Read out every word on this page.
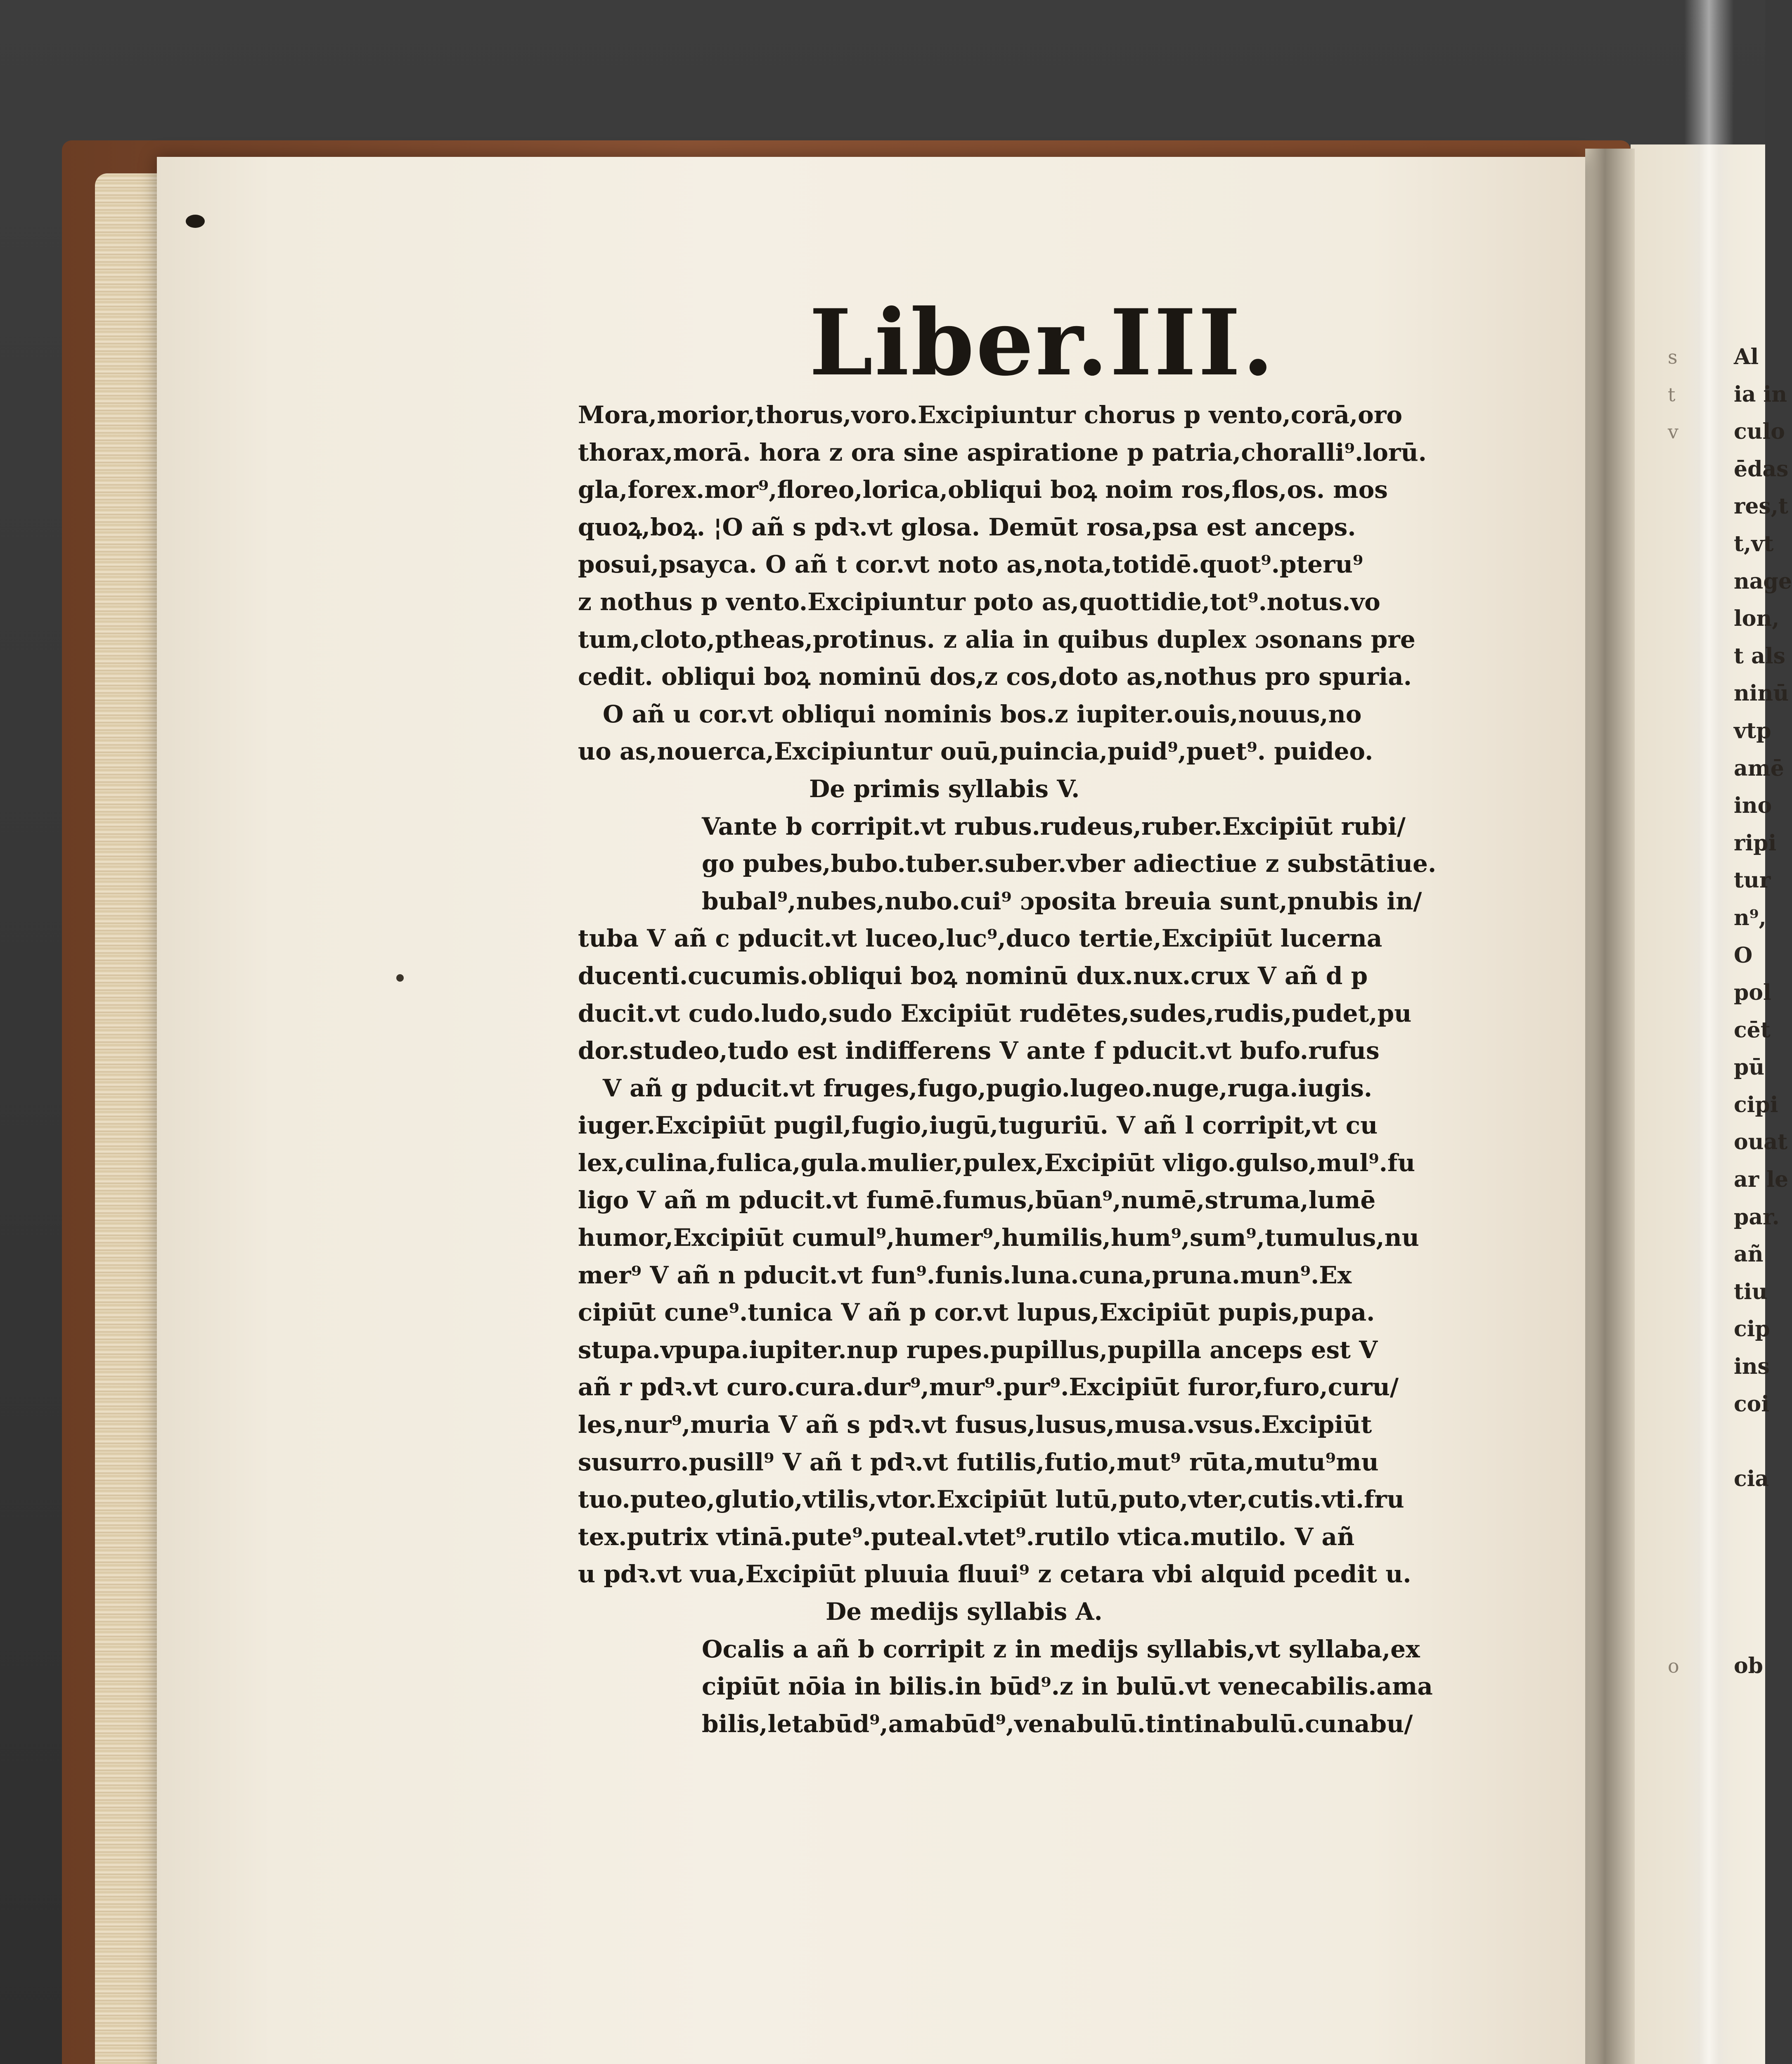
Liber.III.
Mora,morior,thorus,voro.Excipiuntur chorus p vento,corā,oro
thorax,morā. hora z ora sine aspiratione p patria,choralli⁹.lorū.
gla,forex.mor⁹,floreo,lorica,obliqui boꝝ noim ros,flos,os. mos
quoꝝ,boꝝ. ¦O añ s pdꝛ.vt glosa. Demūt rosa,psa est anceps.
posui,psayca. O añ t cor.vt noto as,nota,totidē.quot⁹.pteru⁹
z nothus p vento.Excipiuntur poto as,quottidie,tot⁹.notus.vo
tum,cloto,ptheas,protinus. z alia in quibus duplex ɔsonans pre
cedit. obliqui boꝝ nominū dos,z cos,doto as,nothus pro spuria.
O añ u cor.vt obliqui nominis bos.z iupiter.ouis,nouus,no
uo as,nouerca,Excipiuntur ouū,puincia,puid⁹,puet⁹. puideo.
De primis syllabis V.
Vante b corripit.vt rubus.rudeus,ruber.Excipiūt rubi/
go pubes,bubo.tuber.suber.vber adiectiue z substātiue.
bubal⁹,nubes,nubo.cui⁹ ɔposita breuia sunt,pnubis in/
tuba V añ c pducit.vt luceo,luc⁹,duco tertie,Excipiūt lucerna
ducenti.cucumis.obliqui boꝝ nominū dux.nux.crux V añ d p
ducit.vt cudo.ludo,sudo Excipiūt rudētes,sudes,rudis,pudet,pu
dor.studeo,tudo est indifferens V ante f pducit.vt bufo.rufus
V añ g pducit.vt fruges,fugo,pugio.lugeo.nuge,ruga.iugis.
iuger.Excipiūt pugil,fugio,iugū,tuguriū. V añ l corripit,vt cu
lex,culina,fulica,gula.mulier,pulex,Excipiūt vligo.gulso,mul⁹.fu
ligo V añ m pducit.vt fumē.fumus,būan⁹,numē,struma,lumē
humor,Excipiūt cumul⁹,humer⁹,humilis,hum⁹,sum⁹,tumulus,nu
mer⁹ V añ n pducit.vt fun⁹.funis.luna.cuna,pruna.mun⁹.Ex
cipiūt cune⁹.tunica V añ p cor.vt lupus,Excipiūt pupis,pupa.
stupa.vpupa.iupiter.nup rupes.pupillus,pupilla anceps est V
añ r pdꝛ.vt curo.cura.dur⁹,mur⁹.pur⁹.Excipiūt furor,furo,curu/
les,nur⁹,muria V añ s pdꝛ.vt fusus,lusus,musa.vsus.Excipiūt
susurro.pusill⁹ V añ t pdꝛ.vt futilis,futio,mut⁹ rūta,mutu⁹mu
tuo.puteo,glutio,vtilis,vtor.Excipiūt lutū,puto,vter,cutis.vti.fru
tex.putrix vtinā.pute⁹.puteal.vtet⁹.rutilo vtica.mutilo. V añ
u pdꝛ.vt vua,Excipiūt pluuia fluui⁹ z cetara vbi alquid pcedit u.
De medijs syllabis A.
Ocalis a añ b corripit z in medijs syllabis,vt syllaba,ex
cipiūt nōia in bilis.in būd⁹.z in bulū.vt venecabilis.ama
bilis,letabūd⁹,amabūd⁹,venabulū.tintinabulū.cunabu/
s
t
v
o
Al
ia in
culo
ēdas
res,t
t,vt
nage
lon,
t als
ninū
vtp
amē
ino
ripi
tur
n⁹,
O
pol
cēt
pū
cipi
ouat
ar le
par.
añ
tiu
cip
ins
coi
cia
ob
